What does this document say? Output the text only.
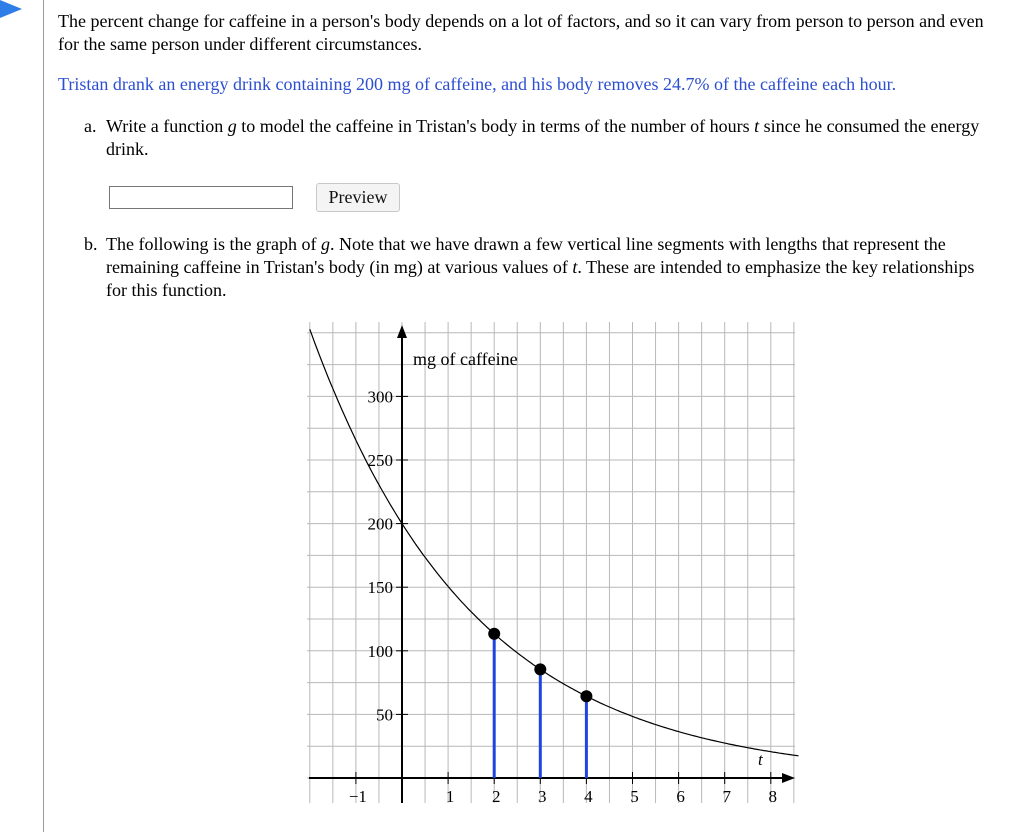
The percent change for caffeine in a person's body depends on a lot of factors, and so it can vary from person to person and even for the same person under different circumstances.
Tristan drank an energy drink containing 200 mg of caffeine, and his body removes 24.7% of the caffeine each hour.
a. Write a function g to model the caffeine in Tristan's body in terms of the number of hours t since he consumed the energy drink.
Preview
b. The following is the graph of g. Note that we have drawn a few vertical line segments with lengths that represent the remaining caffeine in Tristan's body (in mg) at various values of t. These are intended to emphasize the key relationships for this function.
50
100
150
200
250
300
−1	1 2 3 4 5 6 7 8
mg of caffeine
t
